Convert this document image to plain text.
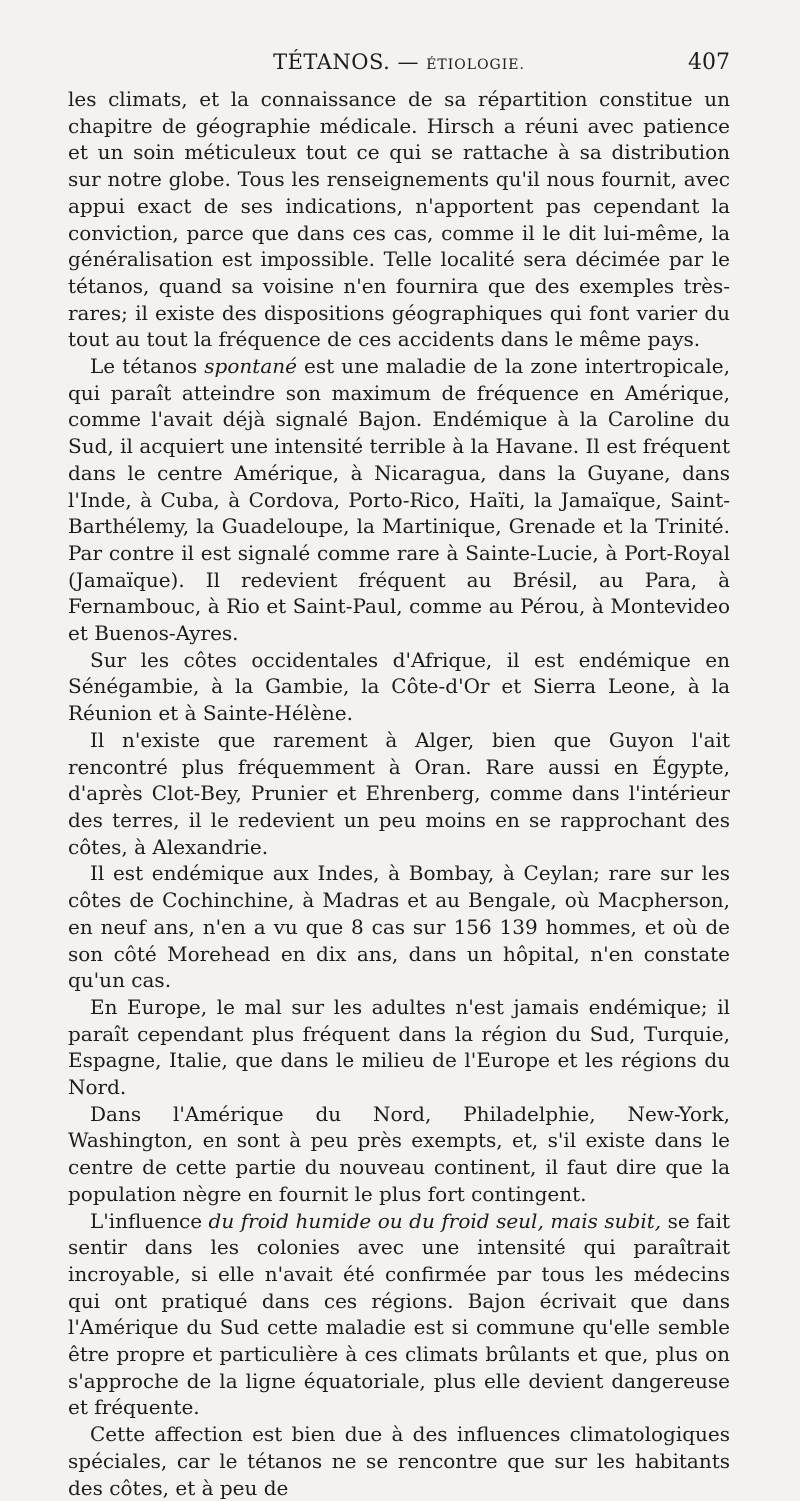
TÉTANOS. — ÉTIOLOGIE.	407

les climats, et la connaissance de sa répartition constitue un chapitre de géographie médicale. Hirsch a réuni avec patience et un soin méticuleux tout ce qui se rattache à sa distribution sur notre globe. Tous les renseignements qu'il nous fournit, avec appui exact de ses indications, n'apportent pas cependant la conviction, parce que dans ces cas, comme il le dit lui-même, la généralisation est impossible. Telle localité sera décimée par le tétanos, quand sa voisine n'en fournira que des exemples très-rares; il existe des dispositions géographiques qui font varier du tout au tout la fréquence de ces accidents dans le même pays.

Le tétanos spontané est une maladie de la zone intertropicale, qui paraît atteindre son maximum de fréquence en Amérique, comme l'avait déjà signalé Bajon. Endémique à la Caroline du Sud, il acquiert une intensité terrible à la Havane. Il est fréquent dans le centre Amérique, à Nicaragua, dans la Guyane, dans l'Inde, à Cuba, à Cordova, Porto-Rico, Haïti, la Jamaïque, Saint-Barthélemy, la Guadeloupe, la Martinique, Grenade et la Trinité. Par contre il est signalé comme rare à Sainte-Lucie, à Port-Royal (Jamaïque). Il redevient fréquent au Brésil, au Para, à Fernambouc, à Rio et Saint-Paul, comme au Pérou, à Montevideo et Buenos-Ayres.

Sur les côtes occidentales d'Afrique, il est endémique en Sénégambie, à la Gambie, la Côte-d'Or et Sierra Leone, à la Réunion et à Sainte-Hélène.

Il n'existe que rarement à Alger, bien que Guyon l'ait rencontré plus fréquemment à Oran. Rare aussi en Égypte, d'après Clot-Bey, Prunier et Ehrenberg, comme dans l'intérieur des terres, il le redevient un peu moins en se rapprochant des côtes, à Alexandrie.

Il est endémique aux Indes, à Bombay, à Ceylan; rare sur les côtes de Cochinchine, à Madras et au Bengale, où Macpherson, en neuf ans, n'en a vu que 8 cas sur 156 139 hommes, et où de son côté Morehead en dix ans, dans un hôpital, n'en constate qu'un cas.

En Europe, le mal sur les adultes n'est jamais endémique; il paraît cependant plus fréquent dans la région du Sud, Turquie, Espagne, Italie, que dans le milieu de l'Europe et les régions du Nord.

Dans l'Amérique du Nord, Philadelphie, New-York, Washington, en sont à peu près exempts, et, s'il existe dans le centre de cette partie du nouveau continent, il faut dire que la population nègre en fournit le plus fort contingent.

L'influence du froid humide ou du froid seul, mais subit, se fait sentir dans les colonies avec une intensité qui paraîtrait incroyable, si elle n'avait été confirmée par tous les médecins qui ont pratiqué dans ces régions. Bajon écrivait que dans l'Amérique du Sud cette maladie est si commune qu'elle semble être propre et particulière à ces climats brûlants et que, plus on s'approche de la ligne équatoriale, plus elle devient dangereuse et fréquente.

Cette affection est bien due à des influences climatologiques spéciales, car le tétanos ne se rencontre que sur les habitants des côtes, et à peu de
